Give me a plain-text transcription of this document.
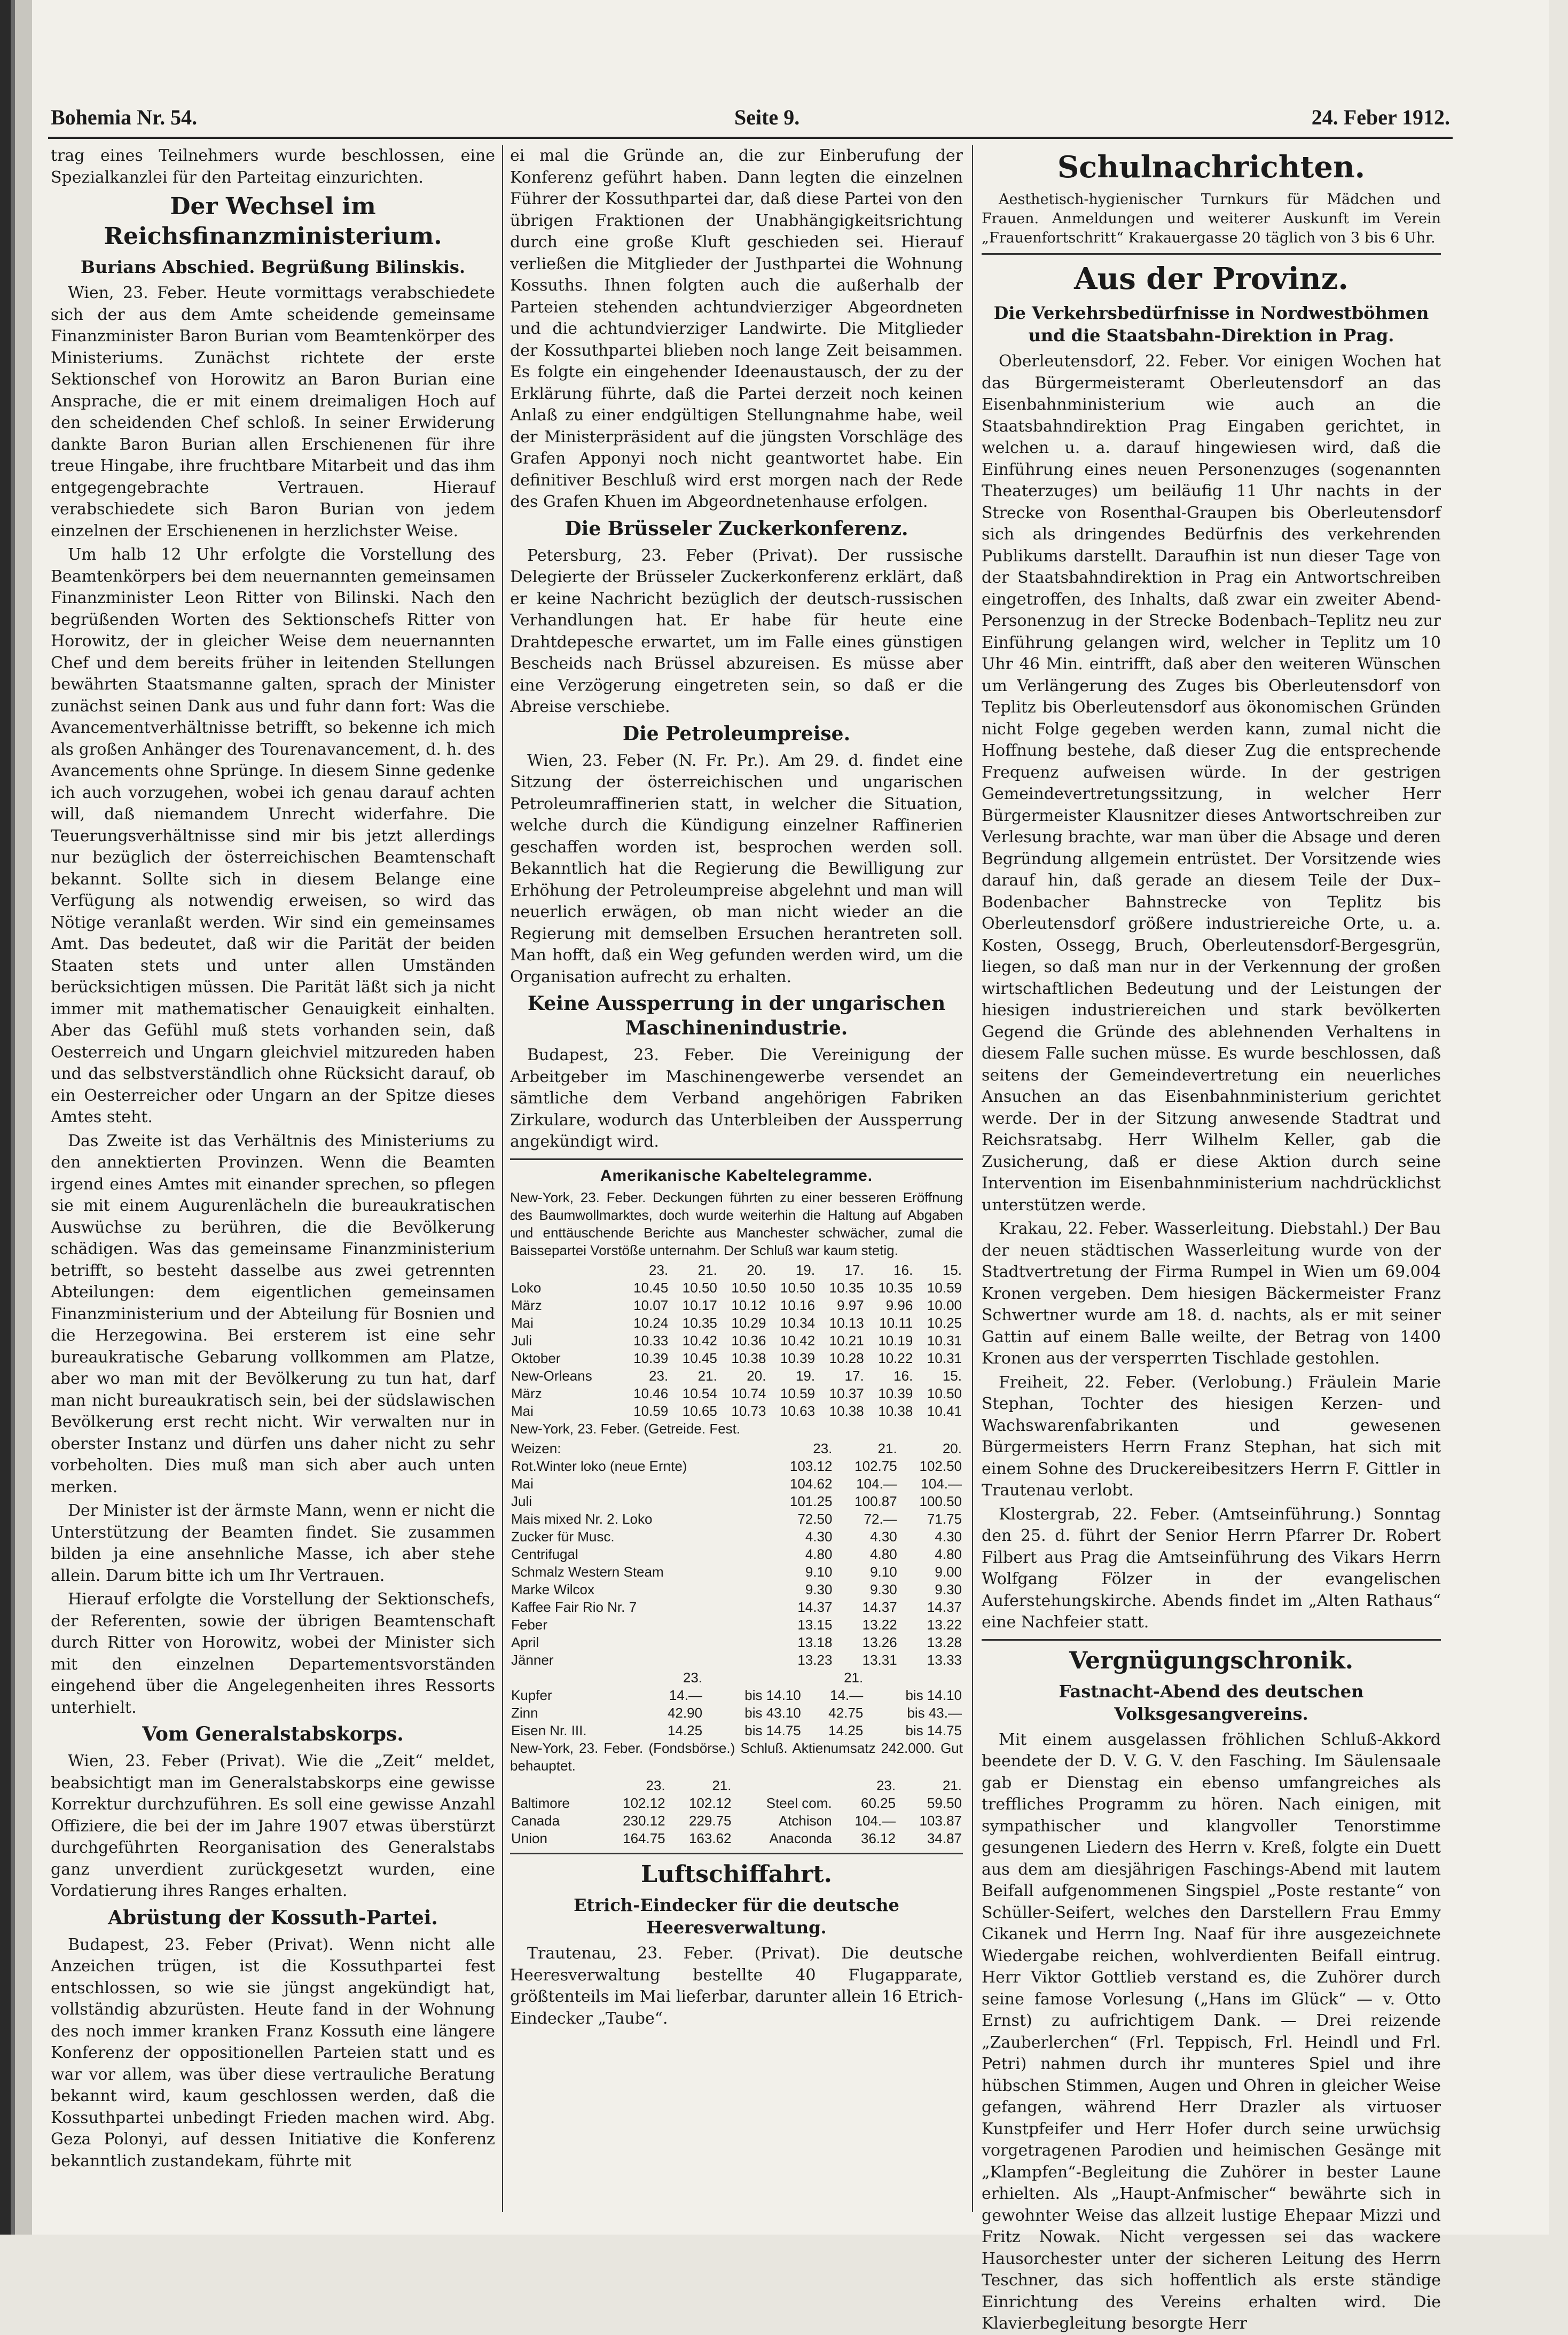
Bohemia Nr. 54.	Seite 9.	24. Feber 1912.

trag eines Teilnehmers wurde beschlossen, eine Spezialkanzlei für den Parteitag einzurichten.

Der Wechsel im Reichsfinanzministerium.
Burians Abschied. Begrüßung Bilinskis.

Wien, 23. Feber. Heute vormittags verabschiedete sich der aus dem Amte scheidende gemeinsame Finanzminister Baron Burian vom Beamtenkörper des Ministeriums. Zunächst richtete der erste Sektionschef von Horowitz an Baron Burian eine Ansprache, die er mit einem dreimaligen Hoch auf den scheidenden Chef schloß. In seiner Erwiderung dankte Baron Burian allen Erschienenen für ihre treue Hingabe, ihre fruchtbare Mitarbeit und das ihm entgegengebrachte Vertrauen. Hierauf verabschiedete sich Baron Burian von jedem einzelnen der Erschienenen in herzlichster Weise.

Um halb 12 Uhr erfolgte die Vorstellung des Beamtenkörpers bei dem neuernannten gemeinsamen Finanzminister Leon Ritter von Bilinski. Nach den begrüßenden Worten des Sektionschefs Ritter von Horowitz, der in gleicher Weise dem neuernannten Chef und dem bereits früher in leitenden Stellungen bewährten Staatsmanne galten, sprach der Minister zunächst seinen Dank aus und fuhr dann fort: Was die Avancementverhältnisse betrifft, so bekenne ich mich als großen Anhänger des Tourenavancement, d. h. des Avancements ohne Sprünge. In diesem Sinne gedenke ich auch vorzugehen, wobei ich genau darauf achten will, daß niemandem Unrecht widerfahre. Die Teuerungsverhältnisse sind mir bis jetzt allerdings nur bezüglich der österreichischen Beamtenschaft bekannt. Sollte sich in diesem Belange eine Verfügung als notwendig erweisen, so wird das Nötige veranlaßt werden. Wir sind ein gemeinsames Amt. Das bedeutet, daß wir die Parität der beiden Staaten stets und unter allen Umständen berücksichtigen müssen. Die Parität läßt sich ja nicht immer mit mathematischer Genauigkeit einhalten. Aber das Gefühl muß stets vorhanden sein, daß Oesterreich und Ungarn gleichviel mitzureden haben und das selbstverständlich ohne Rücksicht darauf, ob ein Oesterreicher oder Ungarn an der Spitze dieses Amtes steht.

Das Zweite ist das Verhältnis des Ministeriums zu den annektierten Provinzen. Wenn die Beamten irgend eines Amtes mit einander sprechen, so pflegen sie mit einem Augurenlächeln die bureaukratischen Auswüchse zu berühren, die die Bevölkerung schädigen. Was das gemeinsame Finanzministerium betrifft, so besteht dasselbe aus zwei getrennten Abteilungen: dem eigentlichen gemeinsamen Finanzministerium und der Abteilung für Bosnien und die Herzegowina. Bei ersterem ist eine sehr bureaukratische Gebarung vollkommen am Platze, aber wo man mit der Bevölkerung zu tun hat, darf man nicht bureaukratisch sein, bei der südslawischen Bevölkerung erst recht nicht. Wir verwalten nur in oberster Instanz und dürfen uns daher nicht zu sehr vorbeholten. Dies muß man sich aber auch unten merken.

Der Minister ist der ärmste Mann, wenn er nicht die Unterstützung der Beamten findet. Sie zusammen bilden ja eine ansehnliche Masse, ich aber stehe allein. Darum bitte ich um Ihr Vertrauen.

Hierauf erfolgte die Vorstellung der Sektionschefs, der Referenten, sowie der übrigen Beamtenschaft durch Ritter von Horowitz, wobei der Minister sich mit den einzelnen Departementsvorständen eingehend über die Angelegenheiten ihres Ressorts unterhielt.

Vom Generalstabskorps.

Wien, 23. Feber (Privat). Wie die „Zeit“ meldet, beabsichtigt man im Generalstabskorps eine gewisse Korrektur durchzuführen. Es soll eine gewisse Anzahl Offiziere, die bei der im Jahre 1907 etwas überstürzt durchgeführten Reorganisation des Generalstabs ganz unverdient zurückgesetzt wurden, eine Vordatierung ihres Ranges erhalten.

Abrüstung der Kossuth-Partei.

Budapest, 23. Feber (Privat). Wenn nicht alle Anzeichen trügen, ist die Kossuthpartei fest entschlossen, so wie sie jüngst angekündigt hat, vollständig abzurüsten. Heute fand in der Wohnung des noch immer kranken Franz Kossuth eine längere Konferenz der oppositionellen Parteien statt und es war vor allem, was über diese vertrauliche Beratung bekannt wird, kaum geschlossen werden, daß die Kossuthpartei unbedingt Frieden machen wird. Abg. Geza Polonyi, auf dessen Initiative die Konferenz bekanntlich zustandekam, führte mit

ei mal die Gründe an, die zur Einberufung der Konferenz geführt haben. Dann legten die einzelnen Führer der Kossuthpartei dar, daß diese Partei von den übrigen Fraktionen der Unabhängigkeitsrichtung durch eine große Kluft geschieden sei. Hierauf verließen die Mitglieder der Justhpartei die Wohnung Kossuths. Ihnen folgten auch die außerhalb der Parteien stehenden achtundvierziger Abgeordneten und die achtundvierziger Landwirte. Die Mitglieder der Kossuthpartei blieben noch lange Zeit beisammen. Es folgte ein eingehender Ideenaustausch, der zu der Erklärung führte, daß die Partei derzeit noch keinen Anlaß zu einer endgültigen Stellungnahme habe, weil der Ministerpräsident auf die jüngsten Vorschläge des Grafen Apponyi noch nicht geantwortet habe. Ein definitiver Beschluß wird erst morgen nach der Rede des Grafen Khuen im Abgeordnetenhause erfolgen.

Die Brüsseler Zuckerkonferenz.

Petersburg, 23. Feber (Privat). Der russische Delegierte der Brüsseler Zuckerkonferenz erklärt, daß er keine Nachricht bezüglich der deutsch-russischen Verhandlungen hat. Er habe für heute eine Drahtdepesche erwartet, um im Falle eines günstigen Bescheids nach Brüssel abzureisen. Es müsse aber eine Verzögerung eingetreten sein, so daß er die Abreise verschiebe.

Die Petroleumpreise.

Wien, 23. Feber (N. Fr. Pr.). Am 29. d. findet eine Sitzung der österreichischen und ungarischen Petroleumraffinerien statt, in welcher die Situation, welche durch die Kündigung einzelner Raffinerien geschaffen worden ist, besprochen werden soll. Bekanntlich hat die Regierung die Bewilligung zur Erhöhung der Petroleumpreise abgelehnt und man will neuerlich erwägen, ob man nicht wieder an die Regierung mit demselben Ersuchen herantreten soll. Man hofft, daß ein Weg gefunden werden wird, um die Organisation aufrecht zu erhalten.

Keine Aussperrung in der ungarischen Maschinenindustrie.

Budapest, 23. Feber. Die Vereinigung der Arbeitgeber im Maschinengewerbe versendet an sämtliche dem Verband angehörigen Fabriken Zirkulare, wodurch das Unterbleiben der Aussperrung angekündigt wird.

Amerikanische Kabeltelegramme.

New-York, 23. Feber. Deckungen führten zu einer besseren Eröffnung des Baumwollmarktes, doch wurde weiterhin die Haltung auf Abgaben und enttäuschende Berichte aus Manchester schwächer, zumal die Baissepartei Vorstöße unternahm. Der Schluß war kaum stetig.

	23.	21.	20.	19.	17.	16.	15.
Loko	10.45	10.50	10.50	10.50	10.35	10.35	10.59
März	10.07	10.17	10.12	10.16	9.97	9.96	10.00
Mai	10.24	10.35	10.29	10.34	10.13	10.11	10.25
Juli	10.33	10.42	10.36	10.42	10.21	10.19	10.31
Oktober	10.39	10.45	10.38	10.39	10.28	10.22	10.31
New-Orleans	23.	21.	20.	19.	17.	16.	15.
März	10.46	10.54	10.74	10.59	10.37	10.39	10.50
Mai	10.59	10.65	10.73	10.63	10.38	10.38	10.41

New-York, 23. Feber. (Getreide. Fest.

Weizen:	23.	21.	20.
Rot.Winter loko (neue Ernte)	103.12	102.75	102.50
Mai	104.62	104.—	104.—
Juli	101.25	100.87	100.50
Mais mixed Nr. 2. Loko	72.50	72.—	71.75
Zucker für Musc.	4.30	4.30	4.30
Centrifugal	4.80	4.80	4.80
Schmalz Western Steam	9.10	9.10	9.00
Marke Wilcox	9.30	9.30	9.30
Kaffee Fair Rio Nr. 7	14.37	14.37	14.37
Feber	13.15	13.22	13.22
April	13.18	13.26	13.28
Jänner	13.23	13.31	13.33
	23.		21.	
Kupfer	14.—	bis 14.10	14.—	bis 14.10
Zinn	42.90	bis 43.10	42.75	bis 43.—
Eisen Nr. III.	14.25	bis 14.75	14.25	bis 14.75

New-York, 23. Feber. (Fondsbörse.) Schluß. Aktienumsatz 242.000. Gut behauptet.

	23.	21.		23.	21.
Baltimore	102.12	102.12	Steel com.	60.25	59.50
Canada	230.12	229.75	Atchison	104.—	103.87
Union	164.75	163.62	Anaconda	36.12	34.87
Luftschiffahrt.
Etrich-Eindecker für die deutsche Heeresverwaltung.

Trautenau, 23. Feber. (Privat). Die deutsche Heeresverwaltung bestellte 40 Flugapparate, größtenteils im Mai lieferbar, darunter allein 16 Etrich-Eindecker „Taube“.

Schulnachrichten.

Aesthetisch-hygienischer Turnkurs für Mädchen und Frauen. Anmeldungen und weiterer Auskunft im Verein „Frauenfortschritt“ Krakauergasse 20 täglich von 3 bis 6 Uhr.

Aus der Provinz.
Die Verkehrsbedürfnisse in Nordwestböhmen und die Staatsbahn-Direktion in Prag.

Oberleutensdorf, 22. Feber. Vor einigen Wochen hat das Bürgermeisteramt Oberleutensdorf an das Eisenbahnministerium wie auch an die Staatsbahndirektion Prag Eingaben gerichtet, in welchen u. a. darauf hingewiesen wird, daß die Einführung eines neuen Personenzuges (sogenannten Theaterzuges) um beiläufig 11 Uhr nachts in der Strecke von Rosenthal-Graupen bis Oberleutensdorf sich als dringendes Bedürfnis des verkehrenden Publikums darstellt. Daraufhin ist nun dieser Tage von der Staatsbahndirektion in Prag ein Antwortschreiben eingetroffen, des Inhalts, daß zwar ein zweiter Abend-Personenzug in der Strecke Bodenbach–Teplitz neu zur Einführung gelangen wird, welcher in Teplitz um 10 Uhr 46 Min. eintrifft, daß aber den weiteren Wünschen um Verlängerung des Zuges bis Oberleutensdorf von Teplitz bis Oberleutensdorf aus ökonomischen Gründen nicht Folge gegeben werden kann, zumal nicht die Hoffnung bestehe, daß dieser Zug die entsprechende Frequenz aufweisen würde. In der gestrigen Gemeindevertretungssitzung, in welcher Herr Bürgermeister Klausnitzer dieses Antwortschreiben zur Verlesung brachte, war man über die Absage und deren Begründung allgemein entrüstet. Der Vorsitzende wies darauf hin, daß gerade an diesem Teile der Dux–Bodenbacher Bahnstrecke von Teplitz bis Oberleutensdorf größere industriereiche Orte, u. a. Kosten, Ossegg, Bruch, Oberleutensdorf-Bergesgrün, liegen, so daß man nur in der Verkennung der großen wirtschaftlichen Bedeutung und der Leistungen der hiesigen industriereichen und stark bevölkerten Gegend die Gründe des ablehnenden Verhaltens in diesem Falle suchen müsse. Es wurde beschlossen, daß seitens der Gemeindevertretung ein neuerliches Ansuchen an das Eisenbahnministerium gerichtet werde. Der in der Sitzung anwesende Stadtrat und Reichsratsabg. Herr Wilhelm Keller, gab die Zusicherung, daß er diese Aktion durch seine Intervention im Eisenbahnministerium nachdrücklichst unterstützen werde.

Krakau, 22. Feber. Wasserleitung. Diebstahl.) Der Bau der neuen städtischen Wasserleitung wurde von der Stadtvertretung der Firma Rumpel in Wien um 69.004 Kronen vergeben. Dem hiesigen Bäckermeister Franz Schwertner wurde am 18. d. nachts, als er mit seiner Gattin auf einem Balle weilte, der Betrag von 1400 Kronen aus der versperrten Tischlade gestohlen.

Freiheit, 22. Feber. (Verlobung.) Fräulein Marie Stephan, Tochter des hiesigen Kerzen- und Wachswarenfabrikanten und gewesenen Bürgermeisters Herrn Franz Stephan, hat sich mit einem Sohne des Druckereibesitzers Herrn F. Gittler in Trautenau verlobt.

Klostergrab, 22. Feber. (Amtseinführung.) Sonntag den 25. d. führt der Senior Herrn Pfarrer Dr. Robert Filbert aus Prag die Amtseinführung des Vikars Herrn Wolfgang Fölzer in der evangelischen Auferstehungskirche. Abends findet im „Alten Rathaus“ eine Nachfeier statt.

Vergnügungschronik.
Fastnacht-Abend des deutschen Volksgesangvereins.

Mit einem ausgelassen fröhlichen Schluß-Akkord beendete der D. V. G. V. den Fasching. Im Säulensaale gab er Dienstag ein ebenso umfangreiches als treffliches Programm zu hören. Nach einigen, mit sympathischer und klangvoller Tenorstimme gesungenen Liedern des Herrn v. Kreß, folgte ein Duett aus dem am diesjährigen Faschings-Abend mit lautem Beifall aufgenommenen Singspiel „Poste restante“ von Schüller-Seifert, welches den Darstellern Frau Emmy Cikanek und Herrn Ing. Naaf für ihre ausgezeichnete Wiedergabe reichen, wohlverdienten Beifall eintrug. Herr Viktor Gottlieb verstand es, die Zuhörer durch seine famose Vorlesung („Hans im Glück“ — v. Otto Ernst) zu aufrichtigem Dank. — Drei reizende „Zauberlerchen“ (Frl. Teppisch, Frl. Heindl und Frl. Petri) nahmen durch ihr munteres Spiel und ihre hübschen Stimmen, Augen und Ohren in gleicher Weise gefangen, während Herr Drazler als virtuoser Kunstpfeifer und Herr Hofer durch seine urwüchsig vorgetragenen Parodien und heimischen Gesänge mit „Klampfen“-Begleitung die Zuhörer in bester Laune erhielten. Als „Haupt-Anfmischer“ bewährte sich in gewohnter Weise das allzeit lustige Ehepaar Mizzi und Fritz Nowak. Nicht vergessen sei das wackere Hausorchester unter der sicheren Leitung des Herrn Teschner, das sich hoffentlich als erste ständige Einrichtung des Vereins erhalten wird. Die Klavierbegleitung besorgte Herr
